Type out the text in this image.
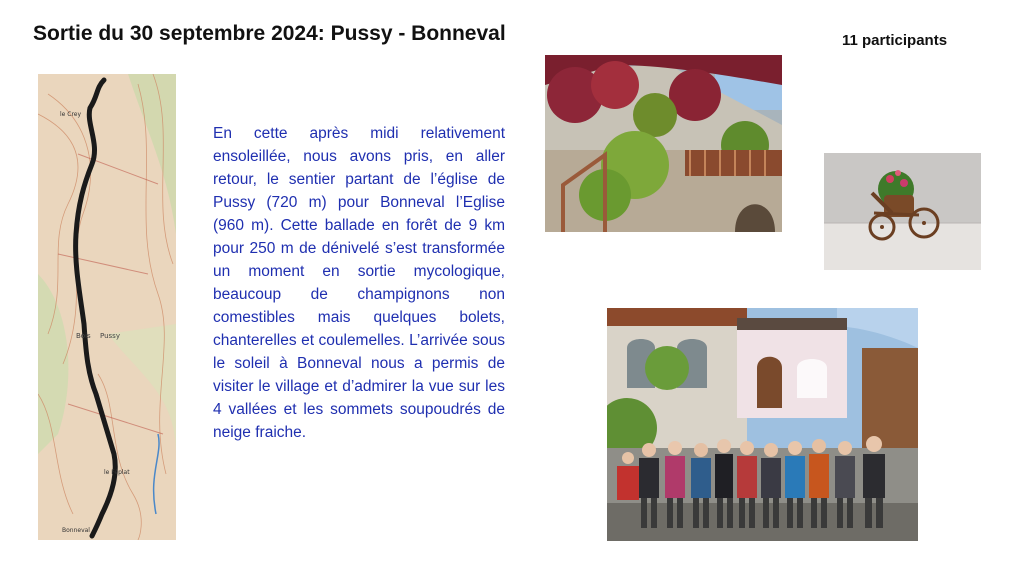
Sortie du 30 septembre 2024: Pussy - Bonneval	11 participants
le Crey
Bois Pussy
le Féplat
Bonneval

En cette après midi relativement ensoleillée, nous avons pris, en aller retour, le sentier partant de l’église de Pussy (720 m) pour Bonneval l’Eglise (960 m). Cette ballade en forêt de 9 km pour 250 m de dénivelé s’est transformée un moment en sortie mycologique, beaucoup de champignons non comestibles mais quelques bolets, chanterelles et coulemelles. L’arrivée sous le soleil à Bonneval nous a permis de visiter le village et d’admirer la vue sur les 4 vallées et les sommets soupoudrés de neige fraiche.
